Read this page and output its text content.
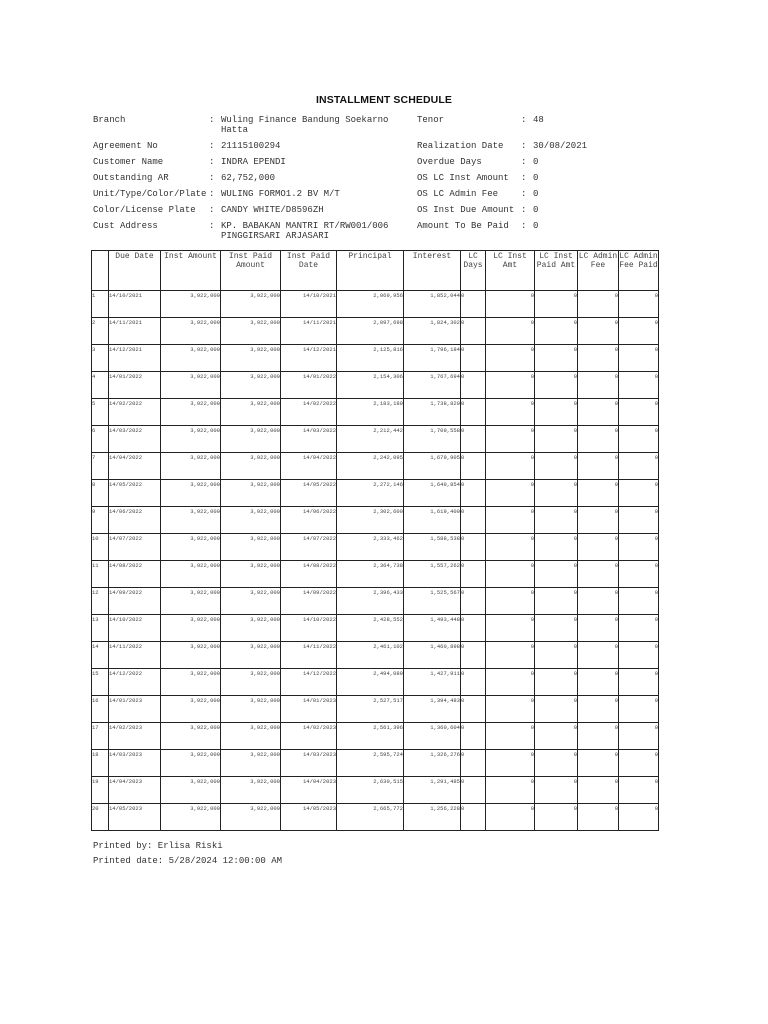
INSTALLMENT SCHEDULE
Branch	: Wuling Finance Bandung Soekarno
Hatta
Agreement No	: 21115100294
Customer Name	: INDRA EPENDI
Outstanding AR	: 62,752,000
Unit/Type/Color/Plate : WULING FORMO1.2 BV M/T
Color/License Plate : CANDY WHITE/D8596ZH
Cust Address	: KP. BABAKAN MANTRI RT/RW001/006
PINGGIRSARI ARJASARI
Tenor	: 48
Realization Date : 30/08/2021
Overdue Days	: 0
OS LC Inst Amount : 0
OS LC Admin Fee	: 0
OS Inst Due Amount : 0
Amount To Be Paid : 0
	Due Date	Inst Amount	Inst Paid Amount	Inst Paid Date	Principal	Interest	LC Days	LC Inst Amt	LC Inst Paid Amt	LC Admin Fee	LC Admin Fee Paid
1	14/10/2021	3,922,000	3,922,000	14/10/2021	2,069,956	1,852,044	0	0	0	0	0
2	14/11/2021	3,922,000	3,922,000	14/11/2021	2,097,698	1,824,302	0	0	0	0	0
3	14/12/2021	3,922,000	3,922,000	14/12/2021	2,125,816	1,796,184	0	0	0	0	0
4	14/01/2022	3,922,000	3,922,000	14/01/2022	2,154,306	1,767,694	0	0	0	0	0
5	14/02/2022	3,922,000	3,922,000	14/02/2022	2,183,180	1,738,820	0	0	0	0	0
6	14/03/2022	3,922,000	3,922,000	14/03/2022	2,212,442	1,709,558	0	0	0	0	0
7	14/04/2022	3,922,000	3,922,000	14/04/2022	2,242,095	1,679,905	0	0	0	0	0
8	14/05/2022	3,922,000	3,922,000	14/05/2022	2,272,146	1,649,854	0	0	0	0	0
9	14/06/2022	3,922,000	3,922,000	14/06/2022	2,302,600	1,619,400	0	0	0	0	0
10	14/07/2022	3,922,000	3,922,000	14/07/2022	2,333,462	1,588,538	0	0	0	0	0
11	14/08/2022	3,922,000	3,922,000	14/08/2022	2,364,738	1,557,262	0	0	0	0	0
12	14/09/2022	3,922,000	3,922,000	14/09/2022	2,396,433	1,525,567	0	0	0	0	0
13	14/10/2022	3,922,000	3,922,000	14/10/2022	2,428,552	1,493,448	0	0	0	0	0
14	14/11/2022	3,922,000	3,922,000	14/11/2022	2,461,102	1,460,898	0	0	0	0	0
15	14/12/2022	3,922,000	3,922,000	14/12/2022	2,494,089	1,427,911	0	0	0	0	0
16	14/01/2023	3,922,000	3,922,000	14/01/2023	2,527,517	1,394,483	0	0	0	0	0
17	14/02/2023	3,922,000	3,922,000	14/02/2023	2,561,396	1,360,604	0	0	0	0	0
18	14/03/2023	3,922,000	3,922,000	14/03/2023	2,595,724	1,326,276	0	0	0	0	0
19	14/04/2023	3,922,000	3,922,000	14/04/2023	2,630,515	1,291,485	0	0	0	0	0
20	14/05/2023	3,922,000	3,922,000	14/05/2023	2,665,772	1,256,228	0	0	0	0	0
Printed by: Erlisa Riski
Printed date: 5/28/2024 12:00:00 AM
